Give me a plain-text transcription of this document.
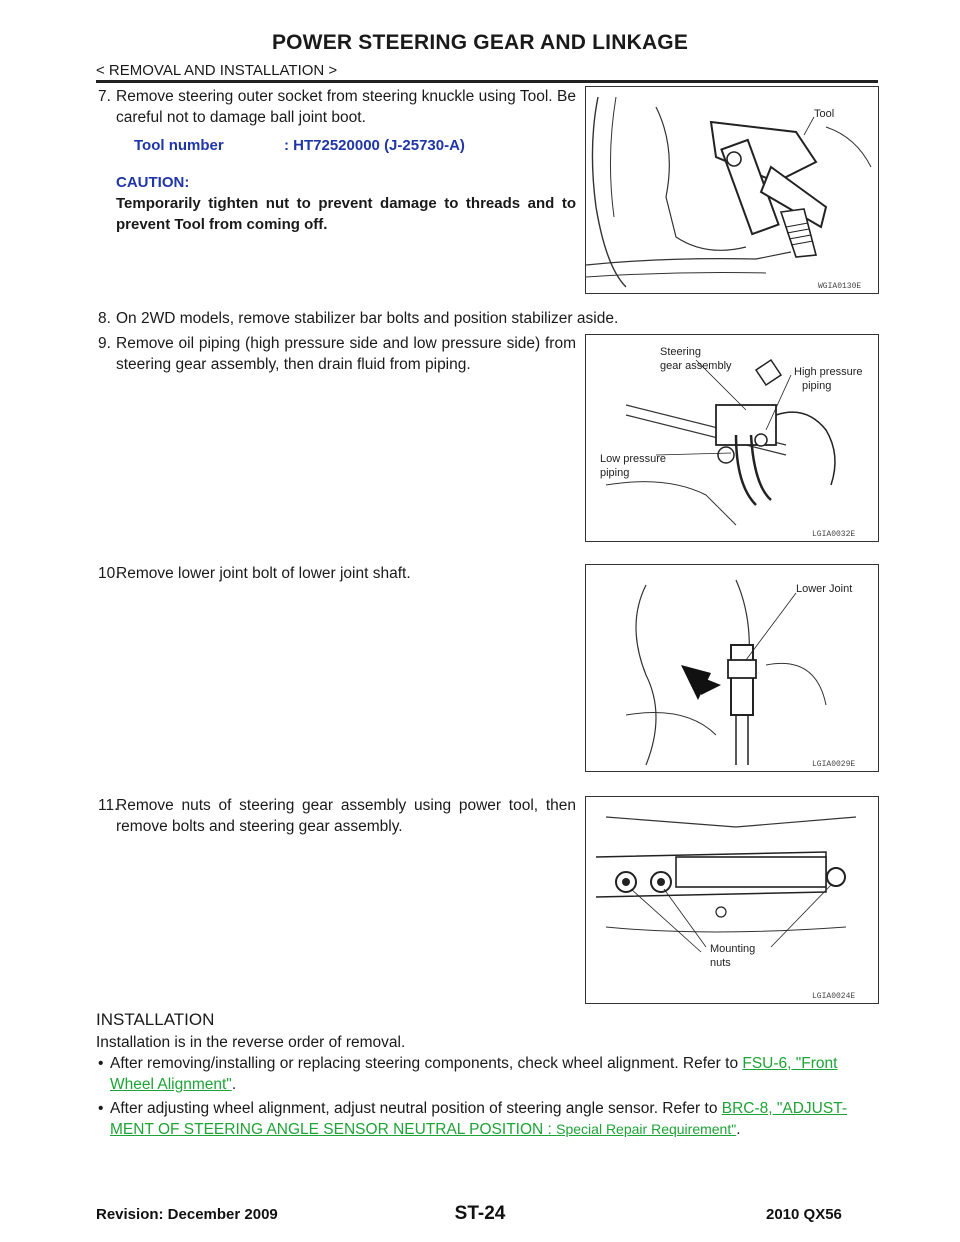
POWER STEERING GEAR AND LINKAGE
< REMOVAL AND INSTALLATION >
7. Remove steering outer socket from steering knuckle using Tool. Be careful not to damage ball joint boot.
Tool number	: HT72520000 (J-25730-A)
CAUTION:
Temporarily tighten nut to prevent damage to threads and to prevent Tool from coming off.
Tool
WGIA0130E
8. On 2WD models, remove stabilizer bar bolts and position stabilizer aside.
9. Remove oil piping (high pressure side and low pressure side) from steering gear assembly, then drain fluid from piping.
Steering
gear assembly	High pressure
piping
Low pressure
piping
LGIA0032E
10.
Remove lower joint bolt of lower joint shaft.
Lower Joint
LGIA0029E
11.
Remove nuts of steering gear assembly using power tool, then remove bolts and steering gear assembly.
Mounting
nuts
LGIA0024E
INSTALLATION
Installation is in the reverse order of removal.
• After removing/installing or replacing steering components, check wheel alignment. Refer to FSU-6, "Front
Wheel Alignment".
• After adjusting wheel alignment, adjust neutral position of steering angle sensor. Refer to BRC-8, "ADJUST-
MENT OF STEERING ANGLE SENSOR NEUTRAL POSITION : Special Repair Requirement".
Revision: December 2009	ST-24	2010 QX56
